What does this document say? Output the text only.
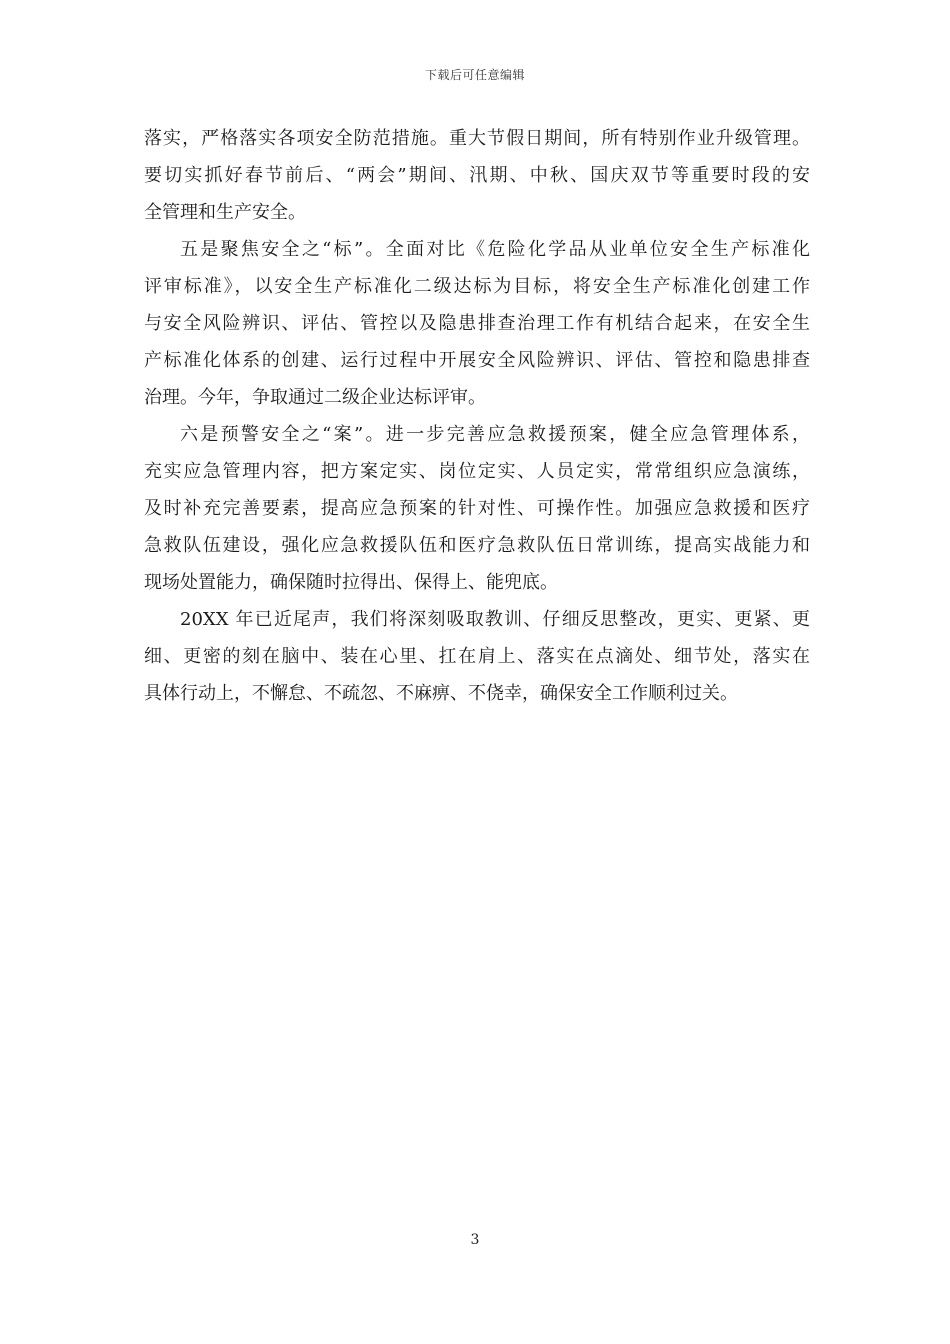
下载后可任意编辑
落实，严格落实各项安全防范措施。重大节假日期间，所有特别作业升级管理。
要切实抓好春节前后、“两会”期间、汛期、中秋、国庆双节等重要时段的安
全管理和生产安全。
五是聚焦安全之“标”。全面对比《危险化学品从业单位安全生产标准化
评审标准》，以安全生产标准化二级达标为目标，将安全生产标准化创建工作
与安全风险辨识、评估、管控以及隐患排查治理工作有机结合起来，在安全生
产标准化体系的创建、运行过程中开展安全风险辨识、评估、管控和隐患排查
治理。今年，争取通过二级企业达标评审。
六是预警安全之“案”。进一步完善应急救援预案，健全应急管理体系，
充实应急管理内容，把方案定实、岗位定实、人员定实，常常组织应急演练，
及时补充完善要素，提高应急预案的针对性、可操作性。加强应急救援和医疗
急救队伍建设，强化应急救援队伍和医疗急救队伍日常训练，提高实战能力和
现场处置能力，确保随时拉得出、保得上、能兜底。
20XX 年已近尾声，我们将深刻吸取教训、仔细反思整改，更实、更紧、更
细、更密的刻在脑中、装在心里、扛在肩上、落实在点滴处、细节处，落实在
具体行动上，不懈怠、不疏忽、不麻痹、不侥幸，确保安全工作顺利过关。
3
